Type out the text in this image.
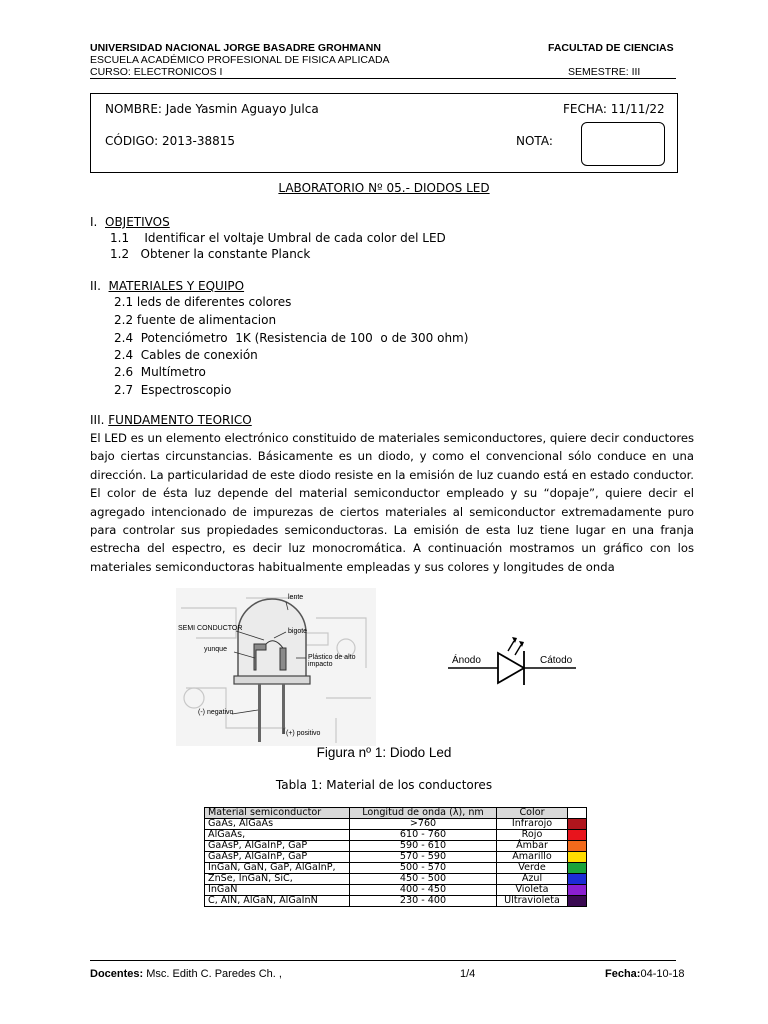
UNIVERSIDAD NACIONAL JORGE BASADRE GROHMANN	FACULTAD DE CIENCIAS
ESCUELA ACADÉMICO PROFESIONAL DE FISICA APLICADA
CURSO: ELECTRONICOS I	SEMESTRE: III
NOMBRE: Jade Yasmin Aguayo Julca	FECHA: 11/11/22
CÓDIGO: 2013-38815	NOTA:
LABORATORIO Nº 05.- DIODOS LED
I. OBJETIVOS
1.1    Identificar el voltaje Umbral de cada color del LED
1.2   Obtener la constante Planck
II. MATERIALES Y EQUIPO
2.1 leds de diferentes colores
2.2 fuente de alimentacion
2.4  Potenciómetro  1K (Resistencia de 100  o de 300 ohm)
2.4  Cables de conexión
2.6  Multímetro
2.7  Espectroscopio
III. FUNDAMENTO TEORICO
El LED es un elemento electrónico constituido de materiales semiconductores, quiere decir conductores bajo ciertas circunstancias. Básicamente es un diodo, y como el convencional sólo conduce en una dirección. La particularidad de este diodo resiste en la emisión de luz cuando está en estado conductor. El color de ésta luz depende del material semiconductor empleado y su “dopaje”, quiere decir el agregado intencionado de impurezas de ciertos materiales al semiconductor extremadamente puro para controlar sus propiedades semiconductoras. La emisión de esta luz tiene lugar en una franja estrecha del espectro, es decir luz monocromática. A continuación mostramos un gráfico con los materiales semiconductoras habitualmente empleadas y sus colores y longitudes de onda
lente
SEMI CONDUCTOR	bigote
yunque
Plástico de alto impacto
(-) negativo
(+) positivo
Ánodo	Cátodo
Figura nº 1: Diodo Led
Tabla 1: Material de los conductores
Material semiconductor	Longitud de onda (λ), nm	Color	
GaAs, AlGaAs	>760	Infrarojo	
AlGaAs,	610 - 760	Rojo	
GaAsP, AlGaInP, GaP	590 - 610	Ámbar	
GaAsP, AlGaInP, GaP	570 - 590	Amarillo	
InGaN, GaN, GaP, AlGaInP,	500 - 570	Verde	
ZnSe, InGaN, SiC,	450 - 500	Azul	
InGaN	400 - 450	Violeta	
C, AlN, AlGaN, AlGaInN	230 - 400	Ultravioleta	
Docentes: Msc. Edith C. Paredes Ch. ,	1/4	Fecha:04-10-18
